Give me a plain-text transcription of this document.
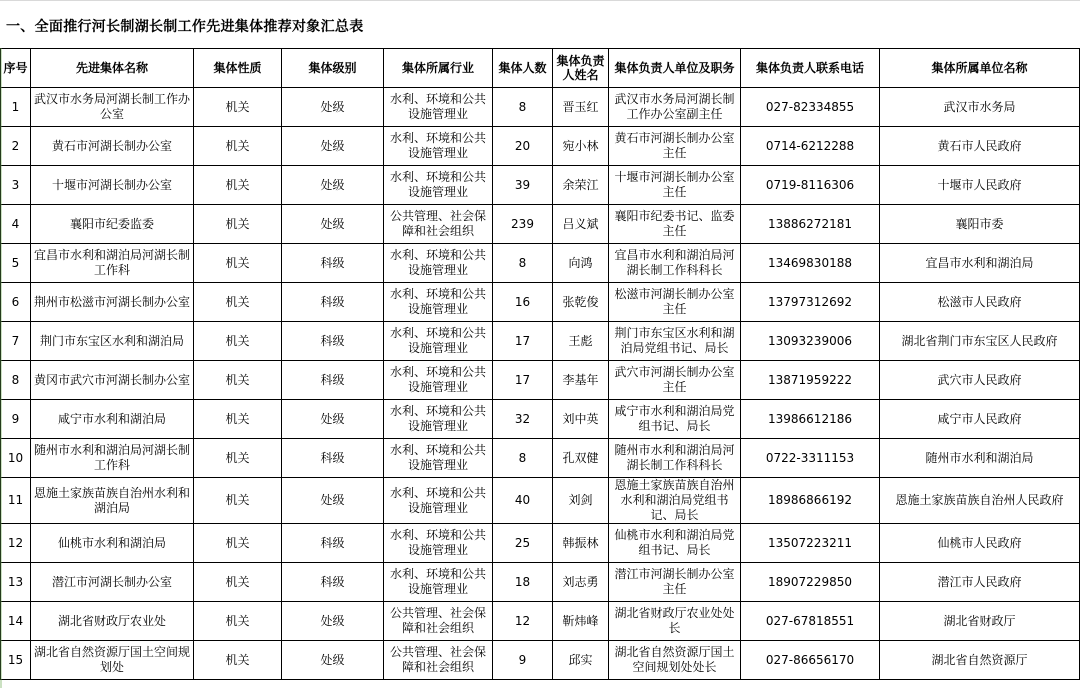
一、全面推行河长制湖长制工作先进集体推荐对象汇总表
序号	先进集体名称	集体性质	集体级别	集体所属行业	集体人数	集体负责人姓名	集体负责人单位及职务	集体负责人联系电话	集体所属单位名称
1	武汉市水务局河湖长制工作办公室	机关	处级	水利、环境和公共设施管理业	8	晋玉红	武汉市水务局河湖长制工作办公室副主任	027-82334855	武汉市水务局
2	黄石市河湖长制办公室	机关	处级	水利、环境和公共设施管理业	20	宛小林	黄石市河湖长制办公室主任	0714-6212288	黄石市人民政府
3	十堰市河湖长制办公室	机关	处级	水利、环境和公共设施管理业	39	余荣江	十堰市河湖长制办公室主任	0719-8116306	十堰市人民政府
4	襄阳市纪委监委	机关	处级	公共管理、社会保障和社会组织	239	吕义斌	襄阳市纪委书记、监委主任	13886272181	襄阳市委
5	宜昌市水利和湖泊局河湖长制工作科	机关	科级	水利、环境和公共设施管理业	8	向鸿	宜昌市水利和湖泊局河湖长制工作科科长	13469830188	宜昌市水利和湖泊局
6	荆州市松滋市河湖长制办公室	机关	科级	水利、环境和公共设施管理业	16	张乾俊	松滋市河湖长制办公室主任	13797312692	松滋市人民政府
7	荆门市东宝区水利和湖泊局	机关	科级	水利、环境和公共设施管理业	17	王彪	荆门市东宝区水利和湖泊局党组书记、局长	13093239006	湖北省荆门市东宝区人民政府
8	黄冈市武穴市河湖长制办公室	机关	科级	水利、环境和公共设施管理业	17	李基年	武穴市河湖长制办公室主任	13871959222	武穴市人民政府
9	咸宁市水利和湖泊局	机关	处级	水利、环境和公共设施管理业	32	刘中英	咸宁市水利和湖泊局党组书记、局长	13986612186	咸宁市人民政府
10	随州市水利和湖泊局河湖长制工作科	机关	科级	水利、环境和公共设施管理业	8	孔双健	随州市水利和湖泊局河湖长制工作科科长	0722-3311153	随州市水利和湖泊局
11	恩施土家族苗族自治州水利和湖泊局	机关	处级	水利、环境和公共设施管理业	40	刘剑	恩施土家族苗族自治州水利和湖泊局党组书记、局长	18986866192	恩施土家族苗族自治州人民政府
12	仙桃市水利和湖泊局	机关	科级	水利、环境和公共设施管理业	25	韩振林	仙桃市水利和湖泊局党组书记、局长	13507223211	仙桃市人民政府
13	潜江市河湖长制办公室	机关	科级	水利、环境和公共设施管理业	18	刘志勇	潜江市河湖长制办公室主任	18907229850	潜江市人民政府
14	湖北省财政厅农业处	机关	处级	公共管理、社会保障和社会组织	12	靳炜峰	湖北省财政厅农业处处长	027-67818551	湖北省财政厅
15	湖北省自然资源厅国土空间规划处	机关	处级	公共管理、社会保障和社会组织	9	邱实	湖北省自然资源厅国土空间规划处处长	027-86656170	湖北省自然资源厅
